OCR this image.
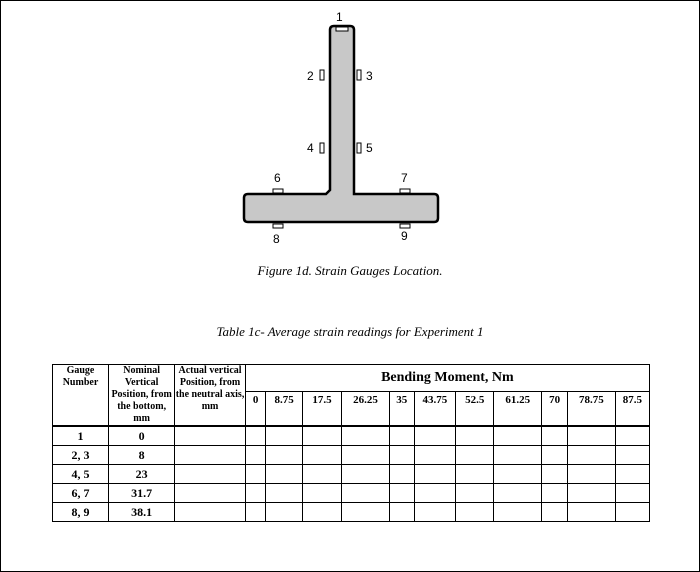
1
2	3
4	5
6	7
8	9
Figure 1d. Strain Gauges Location.
Table 1c- Average strain readings for Experiment 1
Gauge Number	Nominal Vertical Position, from the bottom, mm	Actual vertical Position, from the neutral axis, mm	Bending Moment, Nm										
			0	8.75	17.5	26.25	35	43.75	52.5	61.25	70	78.75	87.5
1	0												
2, 3	8												
4, 5	23												
6, 7	31.7												
8, 9	38.1												
